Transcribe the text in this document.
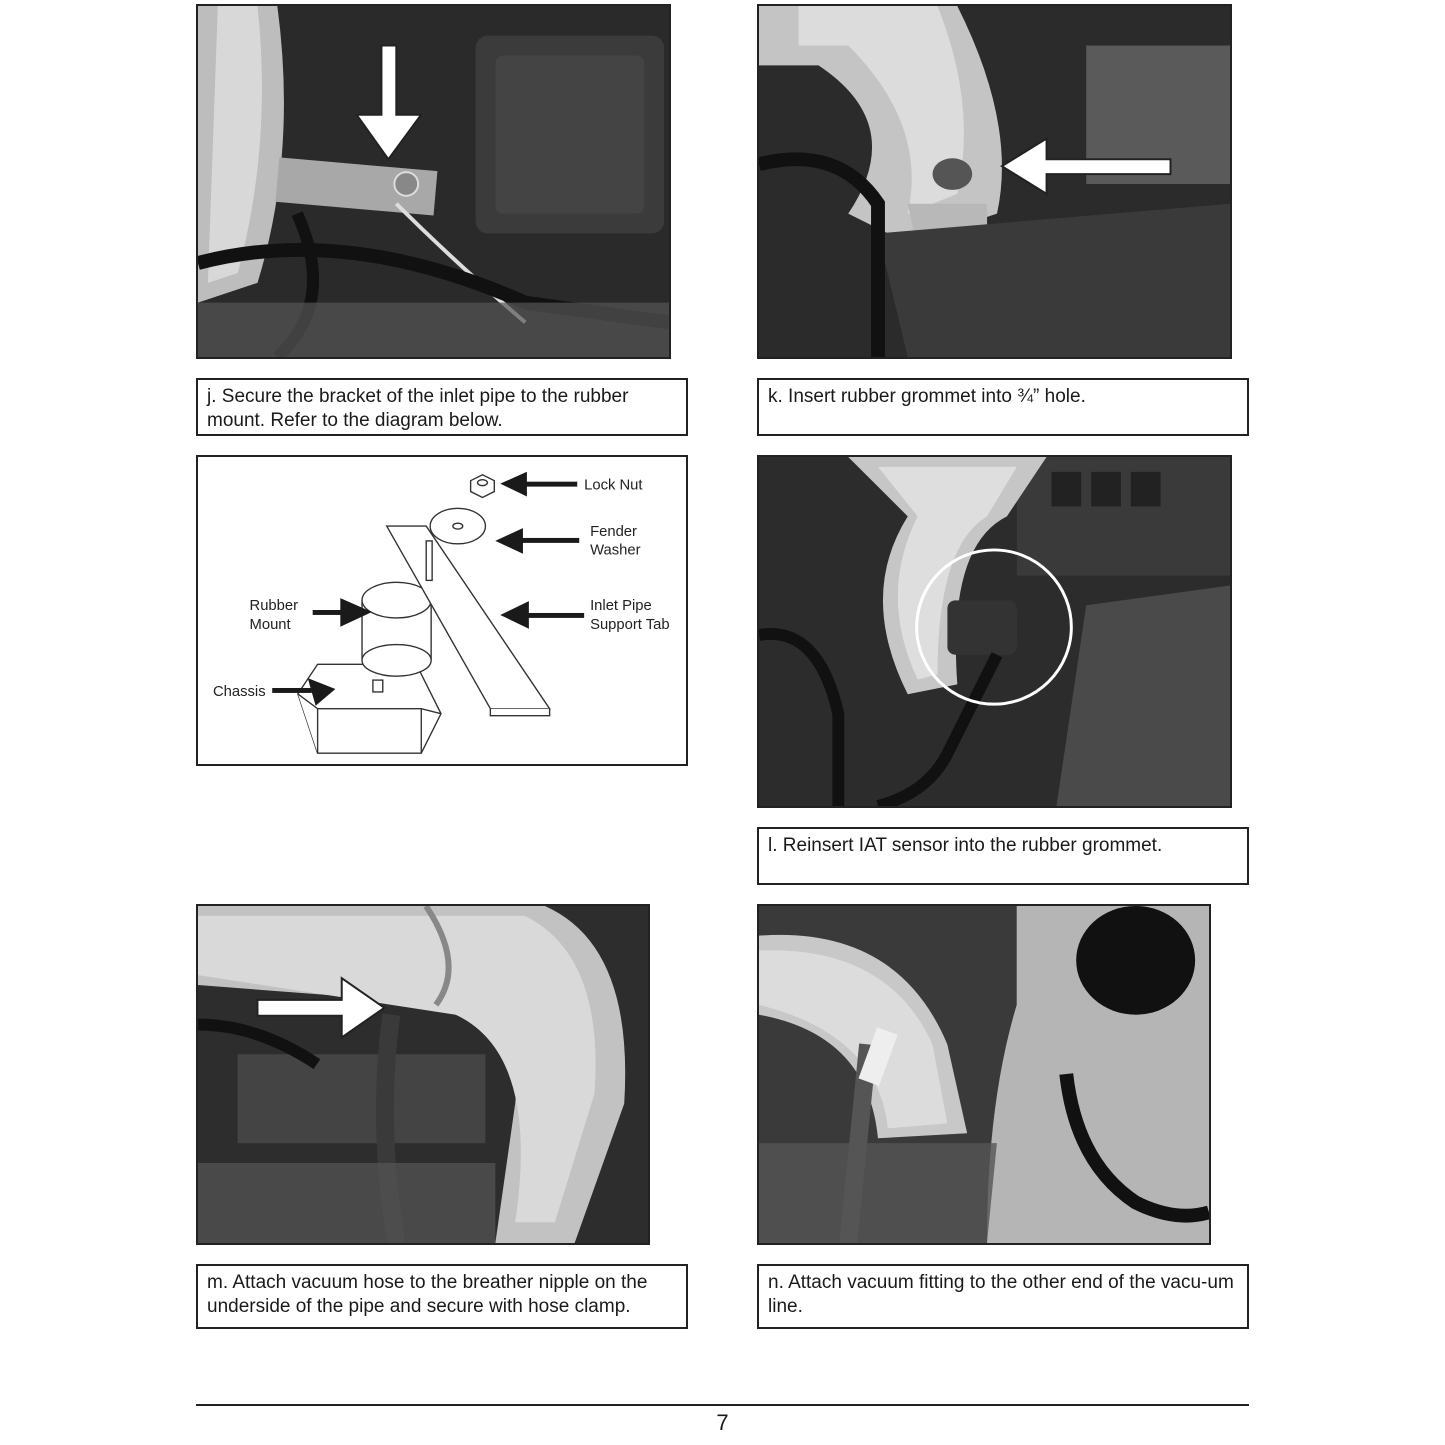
j. Secure the bracket of the inlet pipe to the rubber mount. Refer to the diagram below.
k. Insert rubber grommet into ¾” hole.
Lock Nut
Fender
Washer
Rubber
Mount
Inlet Pipe
Support Tab
Chassis
l. Reinsert IAT sensor into the rubber grommet.
m. Attach vacuum hose to the breather nipple on the underside of the pipe and secure with hose clamp.
n. Attach vacuum fitting to the other end of the vacu-um line.
7
